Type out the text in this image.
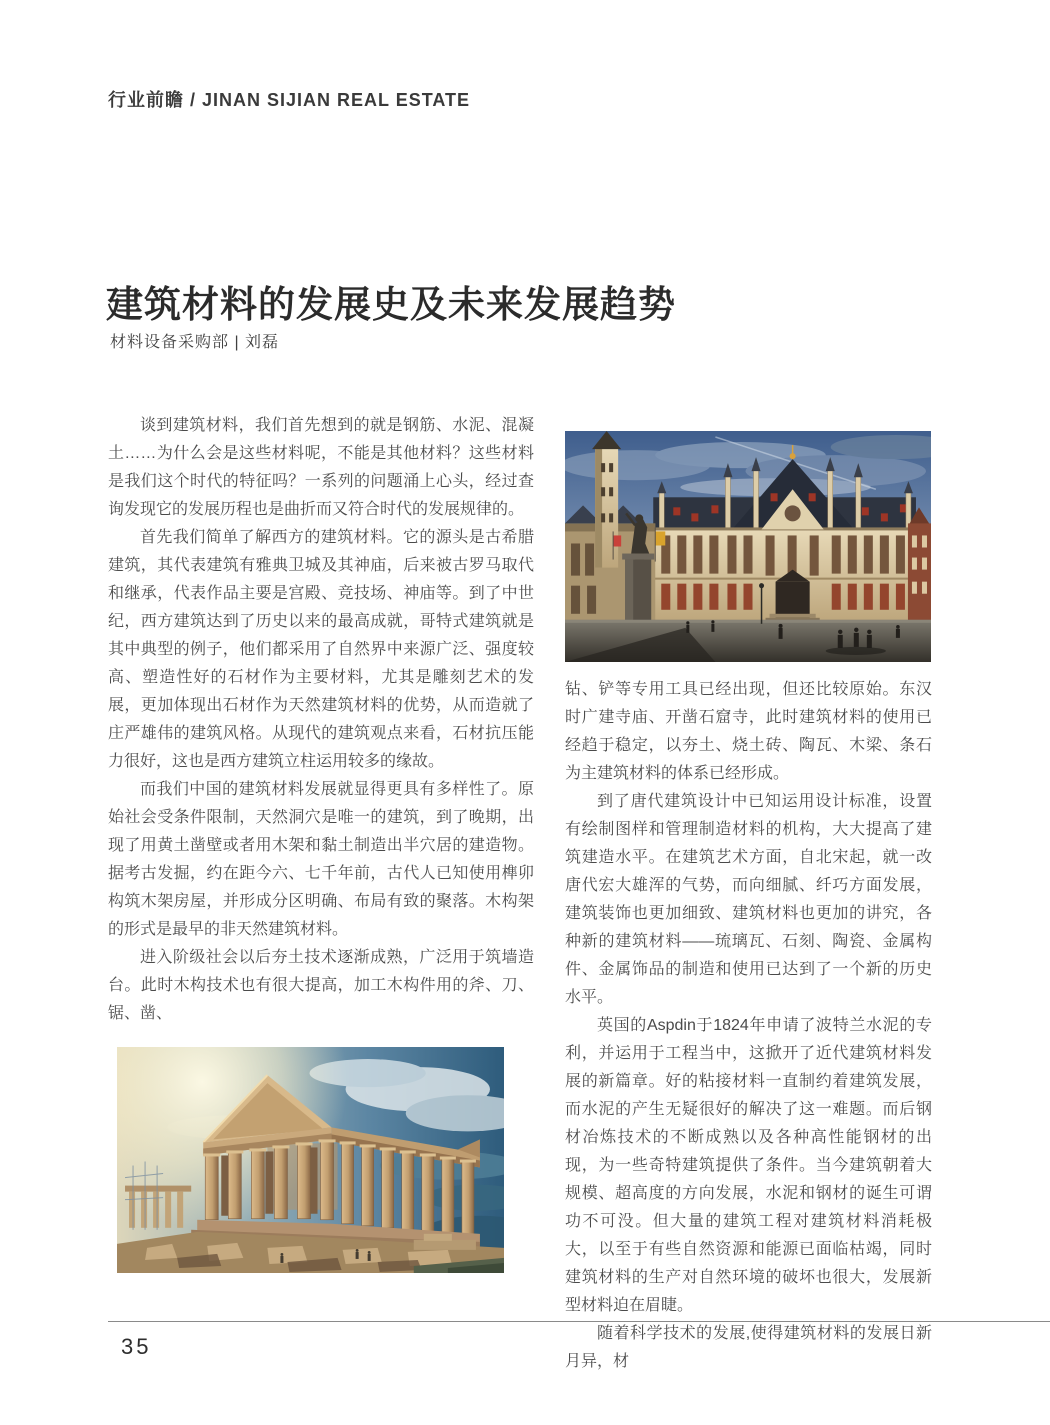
行业前瞻 / JINAN SIJIAN REAL ESTATE
建筑材料的发展史及未来发展趋势
材料设备采购部 | 刘磊

谈到建筑材料，我们首先想到的就是钢筋、水泥、混凝土……为什么会是这些材料呢，不能是其他材料？这些材料是我们这个时代的特征吗？一系列的问题涌上心头，经过查询发现它的发展历程也是曲折而又符合时代的发展规律的。

首先我们简单了解西方的建筑材料。它的源头是古希腊建筑，其代表建筑有雅典卫城及其神庙，后来被古罗马取代和继承，代表作品主要是宫殿、竞技场、神庙等。到了中世纪，西方建筑达到了历史以来的最高成就，哥特式建筑就是其中典型的例子，他们都采用了自然界中来源广泛、强度较高、塑造性好的石材作为主要材料，尤其是雕刻艺术的发展，更加体现出石材作为天然建筑材料的优势，从而造就了庄严雄伟的建筑风格。从现代的建筑观点来看，石材抗压能力很好，这也是西方建筑立柱运用较多的缘故。

而我们中国的建筑材料发展就显得更具有多样性了。原始社会受条件限制，天然洞穴是唯一的建筑，到了晚期，出现了用黄土凿壁或者用木架和黏土制造出半穴居的建造物。据考古发掘，约在距今六、七千年前，古代人已知使用榫卯构筑木架房屋，并形成分区明确、布局有致的聚落。木构架的形式是最早的非天然建筑材料。

进入阶级社会以后夯土技术逐渐成熟，广泛用于筑墙造台。此时木构技术也有很大提高，加工木构件用的斧、刀、锯、凿、

钻、铲等专用工具已经出现，但还比较原始。东汉时广建寺庙、开凿石窟寺，此时建筑材料的使用已经趋于稳定，以夯土、烧土砖、陶瓦、木梁、条石为主建筑材料的体系已经形成。

到了唐代建筑设计中已知运用设计标准，设置有绘制图样和管理制造材料的机构，大大提高了建筑建造水平。在建筑艺术方面，自北宋起，就一改唐代宏大雄浑的气势，而向细腻、纤巧方面发展，建筑装饰也更加细致、建筑材料也更加的讲究，各种新的建筑材料——琉璃瓦、石刻、陶瓷、金属构件、金属饰品的制造和使用已达到了一个新的历史水平。

英国的Aspdin于1824年申请了波特兰水泥的专利，并运用于工程当中，这掀开了近代建筑材料发展的新篇章。好的粘接材料一直制约着建筑发展，而水泥的产生无疑很好的解决了这一难题。而后钢材冶炼技术的不断成熟以及各种高性能钢材的出现，为一些奇特建筑提供了条件。当今建筑朝着大规模、超高度的方向发展，水泥和钢材的诞生可谓功不可没。但大量的建筑工程对建筑材料消耗极大，以至于有些自然资源和能源已面临枯竭，同时建筑材料的生产对自然环境的破坏也很大，发展新型材料迫在眉睫。

随着科学技术的发展,使得建筑材料的发展日新月异，材

35
